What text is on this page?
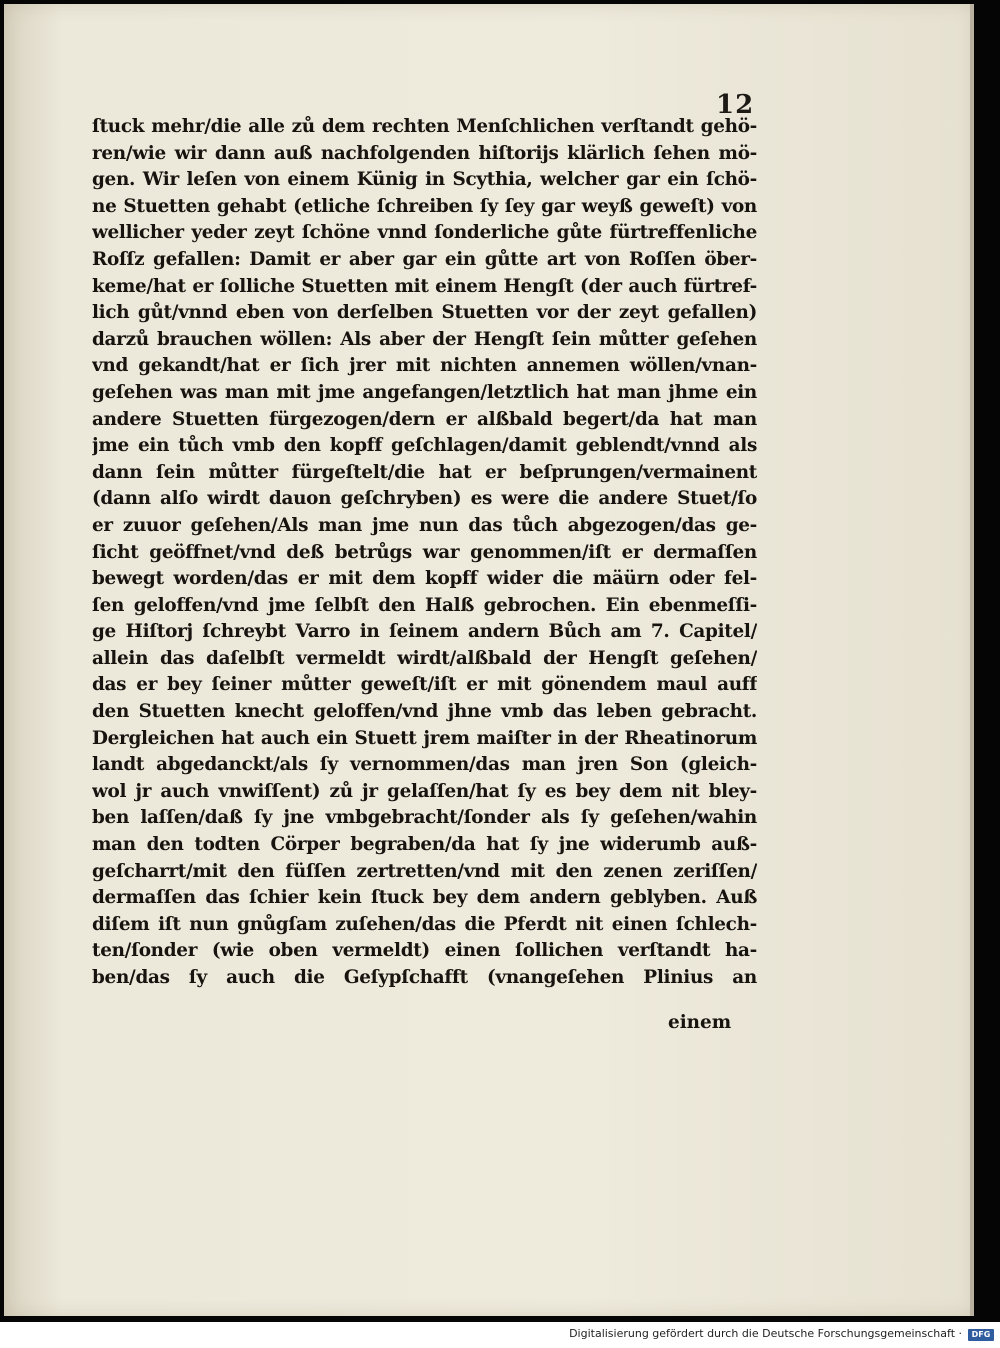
12
ſtuck mehr/die alle zů dem rechten Menſchlichen verſtandt gehö-
ren/wie wir dann auß nachfolgenden hiſtorijs klärlich ſehen mö-
gen. Wir leſen von einem Künig in Scythia, welcher gar ein ſchö-
ne Stuetten gehabt (etliche ſchreiben ſy ſey gar weyß geweſt) von
wellicher yeder zeyt ſchöne vnnd ſonderliche gůte fürtreffenliche
Roſſz gefallen: Damit er aber gar ein gůtte art von Roſſen öber-
keme/hat er ſolliche Stuetten mit einem Hengſt (der auch fürtref-
lich gůt/vnnd eben von derſelben Stuetten vor der zeyt gefallen)
darzů brauchen wöllen: Als aber der Hengſt ſein můtter geſehen
vnd gekandt/hat er ſich jrer mit nichten annemen wöllen/vnan-
geſehen was man mit jme angefangen/letztlich hat man jhme ein
andere Stuetten fürgezogen/dern er alßbald begert/da hat man
jme ein tůch vmb den kopff geſchlagen/damit geblendt/vnnd als
dann ſein můtter fürgeſtelt/die hat er beſprungen/vermainent
(dann alſo wirdt dauon geſchryben) es were die andere Stuet/ſo
er zuuor geſehen/Als man jme nun das tůch abgezogen/das ge-
ſicht geöffnet/vnd deß betrůgs war genommen/iſt er dermaſſen
bewegt worden/das er mit dem kopff wider die mäürn oder fel-
ſen geloffen/vnd jme ſelbſt den Halß gebrochen. Ein ebenmeſſi-
ge Hiſtorj ſchreybt Varro in ſeinem andern Bůch am 7. Capitel/
allein das daſelbſt vermeldt wirdt/alßbald der Hengſt geſehen/
das er bey ſeiner můtter geweſt/iſt er mit gönendem maul auff
den Stuetten knecht geloffen/vnd jhne vmb das leben gebracht.
Dergleichen hat auch ein Stuett jrem maiſter in der Rheatinorum
landt abgedanckt/als ſy vernommen/das man jren Son (gleich-
wol jr auch vnwiſſent) zů jr gelaſſen/hat ſy es bey dem nit bley-
ben laſſen/daß ſy jne vmbgebracht/ſonder als ſy geſehen/wahin
man den todten Cörper begraben/da hat ſy jne widerumb auß-
geſcharrt/mit den füſſen zertretten/vnd mit den zenen zeriſſen/
dermaſſen das ſchier kein ſtuck bey dem andern geblyben. Auß
diſem iſt nun gnůgſam zuſehen/das die Pferdt nit einen ſchlech-
ten/ſonder (wie oben vermeldt) einen ſollichen verſtandt ha-
ben/das ſy auch die Geſypſchafft (vnangeſehen Plinius an
einem
Digitalisierung gefördert durch die Deutsche Forschungsgemeinschaft ·	DFG
